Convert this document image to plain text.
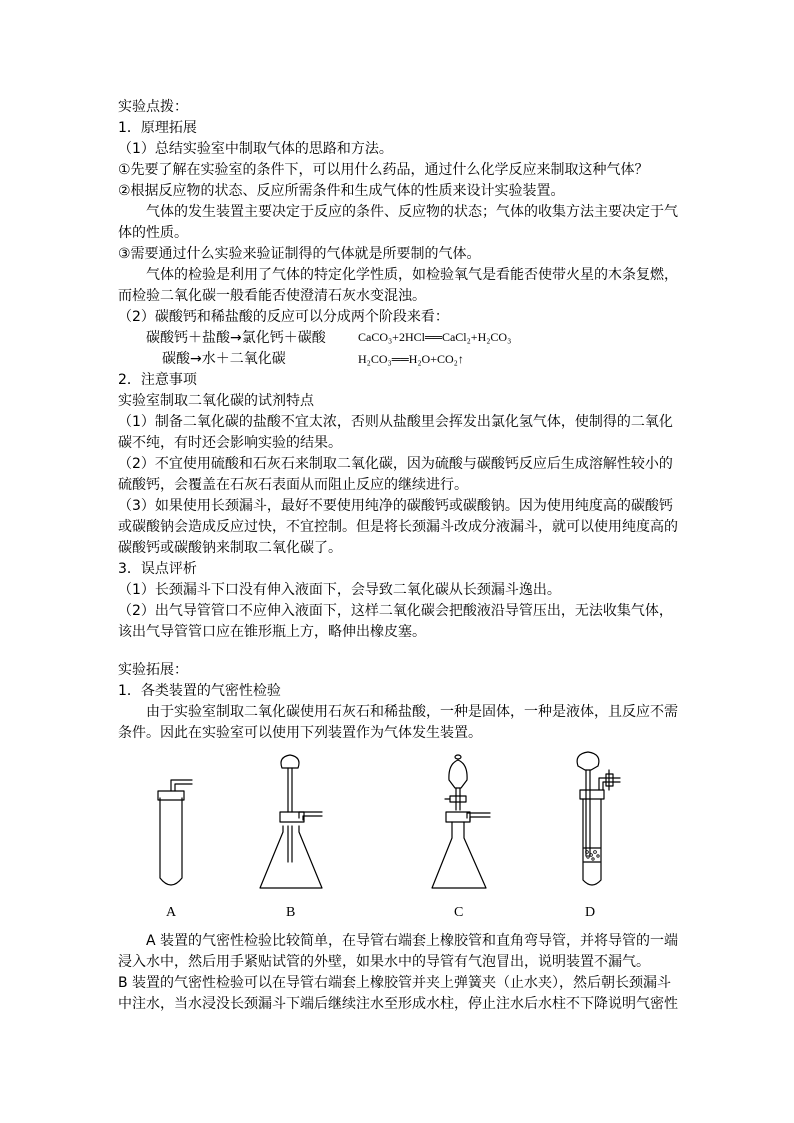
实验点拨：
1．原理拓展
（1）总结实验室中制取气体的思路和方法。
①先要了解在实验室的条件下，可以用什么药品，通过什么化学反应来制取这种气体？
②根据反应物的状态、反应所需条件和生成气体的性质来设计实验装置。
气体的发生装置主要决定于反应的条件、反应物的状态；气体的收集方法主要决定于气
体的性质。
③需要通过什么实验来验证制得的气体就是所要制的气体。
气体的检验是利用了气体的特定化学性质，如检验氧气是看能否使带火星的木条复燃，
而检验二氧化碳一般看能否使澄清石灰水变混浊。
（2）碳酸钙和稀盐酸的反应可以分成两个阶段来看：
碳酸钙＋盐酸→氯化钙＋碳酸	CaCO₃+2HCl══CaCl₂+H₂CO₃
碳酸→水＋二氧化碳	H₂CO₃══H₂O+CO₂↑
2．注意事项
实验室制取二氧化碳的试剂特点
（1）制备二氧化碳的盐酸不宜太浓，否则从盐酸里会挥发出氯化氢气体，使制得的二氧化
碳不纯，有时还会影响实验的结果。
（2）不宜使用硫酸和石灰石来制取二氧化碳，因为硫酸与碳酸钙反应后生成溶解性较小的
硫酸钙，会覆盖在石灰石表面从而阻止反应的继续进行。
（3）如果使用长颈漏斗，最好不要使用纯净的碳酸钙或碳酸钠。因为使用纯度高的碳酸钙
或碳酸钠会造成反应过快，不宜控制。但是将长颈漏斗改成分液漏斗，就可以使用纯度高的
碳酸钙或碳酸钠来制取二氧化碳了。
3．误点评析
（1）长颈漏斗下口没有伸入液面下，会导致二氧化碳从长颈漏斗逸出。
（2）出气导管管口不应伸入液面下，这样二氧化碳会把酸液沿导管压出，无法收集气体，
该出气导管管口应在锥形瓶上方，略伸出橡皮塞。
实验拓展：
1．各类装置的气密性检验
由于实验室制取二氧化碳使用石灰石和稀盐酸，一种是固体，一种是液体，且反应不需
条件。因此在实验室可以使用下列装置作为气体发生装置。
A	B	C	D
A 装置的气密性检验比较简单，在导管右端套上橡胶管和直角弯导管，并将导管的一端
浸入水中，然后用手紧贴试管的外壁，如果水中的导管有气泡冒出，说明装置不漏气。
B 装置的气密性检验可以在导管右端套上橡胶管并夹上弹簧夹（止水夹），然后朝长颈漏斗
中注水，当水浸没长颈漏斗下端后继续注水至形成水柱，停止注水后水柱不下降说明气密性
